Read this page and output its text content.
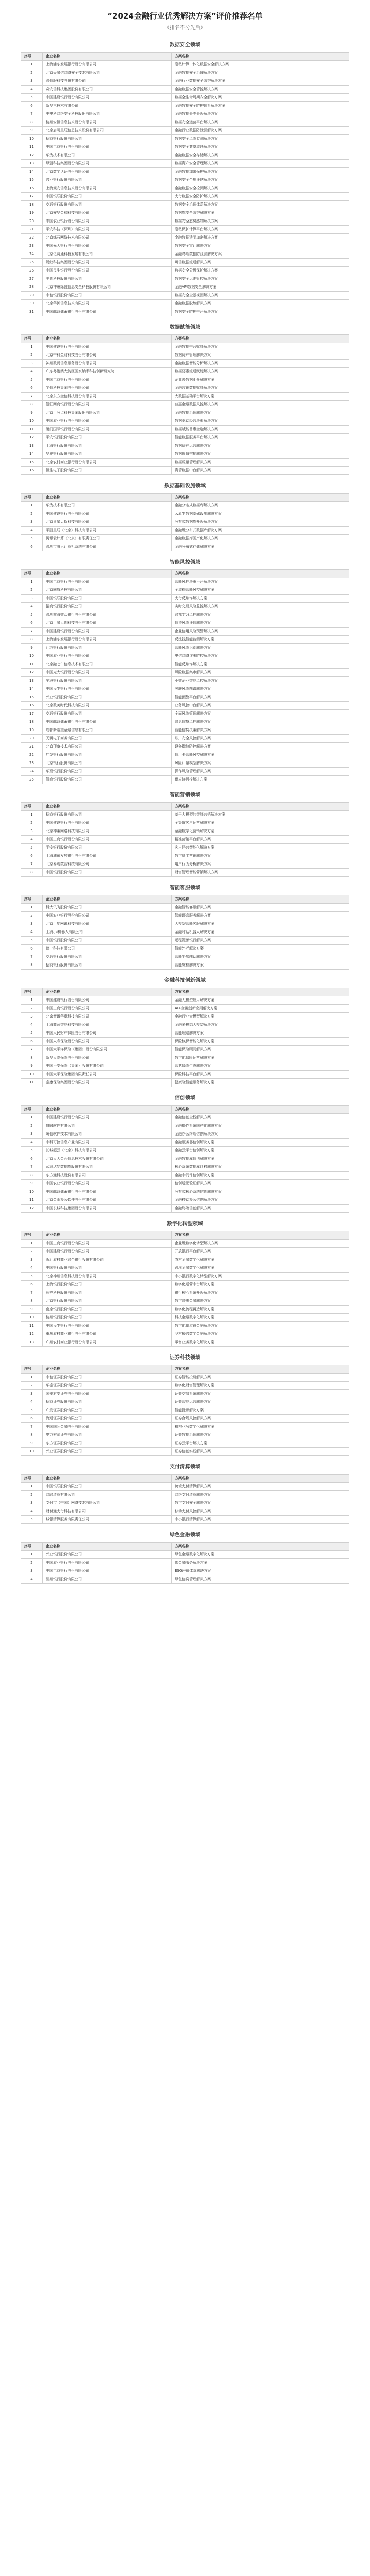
“2024金融行业优秀解决方案”评价推荐名单

（排名不分先后）

数据安全领域
序号	企业名称	方案名称
1	上海浦东发展银行股份有限公司	隐私计算一体化数据安全解决方案
2	北京天融信网络安全技术有限公司	金融数据安全治理解决方案
3	深信服科技股份有限公司	金融行业数据安全防护解决方案
4	奇安信科技集团股份有限公司	金融数据安全管控解决方案
5	中国建设银行股份有限公司	数据全生命周期安全解决方案
6	新华三技术有限公司	金融数据安全防护体系解决方案
7	中电科网络安全科技股份有限公司	金融数据分类分级解决方案
8	杭州安恒信息技术股份有限公司	数据安全运营平台解决方案
9	北京启明星辰信息技术股份有限公司	金融行业数据防泄漏解决方案
10	招商银行股份有限公司	数据安全风险监测解决方案
11	中国工商银行股份有限公司	数据安全共享流通解决方案
12	华为技术有限公司	金融数据安全存储解决方案
13	绿盟科技集团股份有限公司	数据资产安全管理解决方案
14	北京数字认证股份有限公司	金融数据加密保护解决方案
15	兴业银行股份有限公司	数据安全合规评估解决方案
16	上海观安信息技术股份有限公司	金融数据安全检测解决方案
17	中国银联股份有限公司	支付数据安全防护解决方案
18	交通银行股份有限公司	数据安全治理体系解决方案
19	北京安华金和科技有限公司	数据库安全防护解决方案
20	中国农业银行股份有限公司	数据安全态势感知解决方案
21	平安科技（深圳）有限公司	隐私保护计算平台解决方案
22	北京炼石网络技术有限公司	金融数据透明加密解决方案
23	中国光大银行股份有限公司	数据安全审计解决方案
24	北京亿赛通科技发展有限公司	金融终端数据防泄漏解决方案
25	蚂蚁科技集团股份有限公司	可信数据流通解决方案
26	中国民生银行股份有限公司	数据安全分级保护解决方案
27	美创科技股份有限公司	数据安全运维管控解决方案
28	北京神州绿盟信息安全科技股份有限公司	金融API数据安全解决方案
29	中信银行股份有限公司	数据安全全景视图解决方案
30	北京华御信息技术有限公司	金融数据脱敏解决方案
31	中国邮政储蓄银行股份有限公司	数据安全防护中台解决方案
数据赋能领域
序号	企业名称	方案名称
1	中国建设银行股份有限公司	金融数据中台赋能解决方案
2	北京中科金财科技股份有限公司	数据资产管理解决方案
3	神州数码信息服务股份有限公司	金融数据智能分析解决方案
4	广东粤港澳大湾区国家纳米科技创新研究院	数据要素流通赋能解决方案
5	中国工商银行股份有限公司	企业级数据湖仓解决方案
6	宇信科技集团股份有限公司	金融营销数据赋能解决方案
7	北京东方金信科技股份有限公司	大数据基础平台解决方案
8	浙江网商银行股份有限公司	普惠金融数据风控解决方案
9	北京百分点科技集团股份有限公司	金融数据治理解决方案
10	中国农业银行股份有限公司	数据驱动经营决策解决方案
11	厦门国际银行股份有限公司	数据赋能普惠金融解决方案
12	平安银行股份有限公司	智能数据服务平台解决方案
13	上海银行股份有限公司	数据资产运营解决方案
14	华夏银行股份有限公司	数据价值挖掘解决方案
15	北京农村商业银行股份有限公司	数据质量管理解决方案
16	恒生电子股份有限公司	资管数据中台解决方案
数据基础设施领域
序号	企业名称	方案名称
1	华为技术有限公司	金融分布式数据库解决方案
2	中国建设银行股份有限公司	云原生数据基础设施解决方案
3	北京奥星贝斯科技有限公司	分布式数据库升级解决方案
4	平凯星辰（北京）科技有限公司	金融级分布式数据库解决方案
5	腾讯云计算（北京）有限责任公司	金融数据库国产化解决方案
6	深圳市腾讯计算机系统有限公司	金融分布式存储解决方案
智能风控领域
序号	企业名称	方案名称
1	中国工商银行股份有限公司	智能风控决策平台解决方案
2	北京同盾科技有限公司	全流程智能风控解决方案
3	中国银联股份有限公司	支付反欺诈解决方案
4	招商银行股份有限公司	实时交易风险监控解决方案
5	深圳前海微众银行股份有限公司	联邦学习风控解决方案
6	北京百融云创科技股份有限公司	信贷风险评估解决方案
7	中国建设银行股份有限公司	企业信用风险预警解决方案
8	上海浦东发展银行股份有限公司	反洗钱智能监测解决方案
9	江苏银行股份有限公司	智能风险识别解决方案
10	中国农业银行股份有限公司	电信网络诈骗防控解决方案
11	北京融七牛信息技术有限公司	智能反欺诈解决方案
12	中国光大银行股份有限公司	风险数据集市解决方案
13	宁波银行股份有限公司	小微企业智能风控解决方案
14	中国民生银行股份有限公司	关联风险图谱解决方案
15	兴业银行股份有限公司	智能预警平台解决方案
16	北京数美时代科技有限公司	业务风控中台解决方案
17	交通银行股份有限公司	全面风险管理解决方案
18	中国邮政储蓄银行股份有限公司	普惠信贷风控解决方案
19	成都新希望金融信息有限公司	智能信贷决策解决方案
20	天翼电子商务有限公司	账户安全风控解决方案
21	北京顶象技术有限公司	设备指纹防控解决方案
22	广发银行股份有限公司	信用卡智能风控解决方案
23	北京银行股份有限公司	风险计量模型解决方案
24	华夏银行股份有限公司	操作风险管理解决方案
25	浙商银行股份有限公司	供应链风控解决方案
智能营销领域
序号	企业名称	方案名称
1	招商银行股份有限公司	基于大模型的智能营销解决方案
2	中国建设银行股份有限公司	全渠道客户运营解决方案
3	北京神策网络科技有限公司	金融数字化营销解决方案
4	中国工商银行股份有限公司	精准营销平台解决方案
5	平安银行股份有限公司	客户经营智能化解决方案
6	上海浦东发展银行股份有限公司	数字员工营销解决方案
7	北京易观数智科技有限公司	用户行为分析解决方案
8	中国银行股份有限公司	财富管理智能营销解决方案
智能客服领域
序号	企业名称	方案名称
1	科大讯飞股份有限公司	金融智能客服解决方案
2	中国农业银行股份有限公司	智能语音服务解决方案
3	北京百度网讯科技有限公司	大模型智能客服解决方案
4	上海小i机器人有限公司	金融对话机器人解决方案
5	中国银行股份有限公司	远程视频银行解决方案
6	追一科技有限公司	智能外呼解决方案
7	交通银行股份有限公司	智能坐席辅助解决方案
8	招商银行股份有限公司	智能质检解决方案
金融科技创新领域
序号	企业名称	方案名称
1	中国建设银行股份有限公司	金融大模型应用解决方案
2	中国工商银行股份有限公司	AI+金融创新应用解决方案
3	北京智谱华章科技有限公司	金融行业大模型解决方案
4	上海商汤智能科技有限公司	金融多模态大模型解决方案
5	中国人民财产保险股份有限公司	智能理赔解决方案
6	中国人寿保险股份有限公司	保险核保智能化解决方案
7	中国太平洋保险（集团）股份有限公司	智能保险顾问解决方案
8	新华人寿保险股份有限公司	数字化保险运营解决方案
9	中国平安保险（集团）股份有限公司	智慧保险生态解决方案
10	中国太平保险集团有限责任公司	保险科技平台解决方案
11	泰康保险集团股份有限公司	健康险智能服务解决方案
信创领域
序号	企业名称	方案名称
1	中国建设银行股份有限公司	金融信创全栈解决方案
2	麒麟软件有限公司	金融操作系统国产化解决方案
3	统信软件技术有限公司	金融办公终端信创解决方案
4	中科可控信息产业有限公司	金融服务器信创解决方案
5	长城超云（北京）科技有限公司	金融云平台信创解决方案
6	北京人大金仓信息技术股份有限公司	金融数据库信创解决方案
7	武汉达梦数据库股份有限公司	核心系统数据库迁移解决方案
8	东方通科技股份有限公司	金融中间件信创解决方案
9	中国农业银行股份有限公司	信创适配验证解决方案
10	中国邮政储蓄银行股份有限公司	分布式核心系统信创解决方案
11	北京金山办公软件股份有限公司	金融移动办公信创解决方案
12	中国长城科技集团股份有限公司	金融终端信创解决方案
数字化转型领域
序号	企业名称	方案名称
1	中国工商银行股份有限公司	企业级数字化转型解决方案
2	中国建设银行股份有限公司	开放银行平台解决方案
3	浙江农村商业联合银行股份有限公司	农村金融数字化解决方案
4	中国银行股份有限公司	跨境金融数字化解决方案
5	北京神州信息科技股份有限公司	中小银行数字化转型解决方案
6	上海银行股份有限公司	数字化运营中台解决方案
7	长亮科技股份有限公司	银行核心系统升级解决方案
8	北京银行股份有限公司	数字普惠金融解决方案
9	南京银行股份有限公司	数字化流程再造解决方案
10	杭州银行股份有限公司	科技金融数字化解决方案
11	中国民生银行股份有限公司	数字化供应链金融解决方案
12	重庆农村商业银行股份有限公司	乡村振兴数字金融解决方案
13	广州农村商业银行股份有限公司	零售业务数字化解决方案
证券科技领域
序号	企业名称	方案名称
1	中信证券股份有限公司	证券智能投研解决方案
2	华泰证券股份有限公司	数字化财富管理解决方案
3	国泰君安证券股份有限公司	证券交易系统解决方案
4	招商证券股份有限公司	证券智能运营解决方案
5	广发证券股份有限公司	智能投顾解决方案
6	海通证券股份有限公司	证券合规风控解决方案
7	中国国际金融股份有限公司	机构业务数字化解决方案
8	申万宏源证券有限公司	证券数据治理解决方案
9	东方证券股份有限公司	证券云平台解决方案
10	兴业证券股份有限公司	证券信创实践解决方案
支付清算领域
序号	企业名称	方案名称
1	中国银联股份有限公司	跨境支付清算解决方案
2	网联清算有限公司	网络支付清算解决方案
3	支付宝（中国）网络技术有限公司	数字支付安全解决方案
4	财付通支付科技有限公司	移动支付风控解决方案
5	城银清算服务有限责任公司	中小银行清算解决方案
绿色金融领域
序号	企业名称	方案名称
1	兴业银行股份有限公司	绿色金融数字化解决方案
2	中国农业银行股份有限公司	碳金融服务解决方案
3	中国工商银行股份有限公司	ESG评价体系解决方案
4	湖州银行股份有限公司	绿色信贷管理解决方案
